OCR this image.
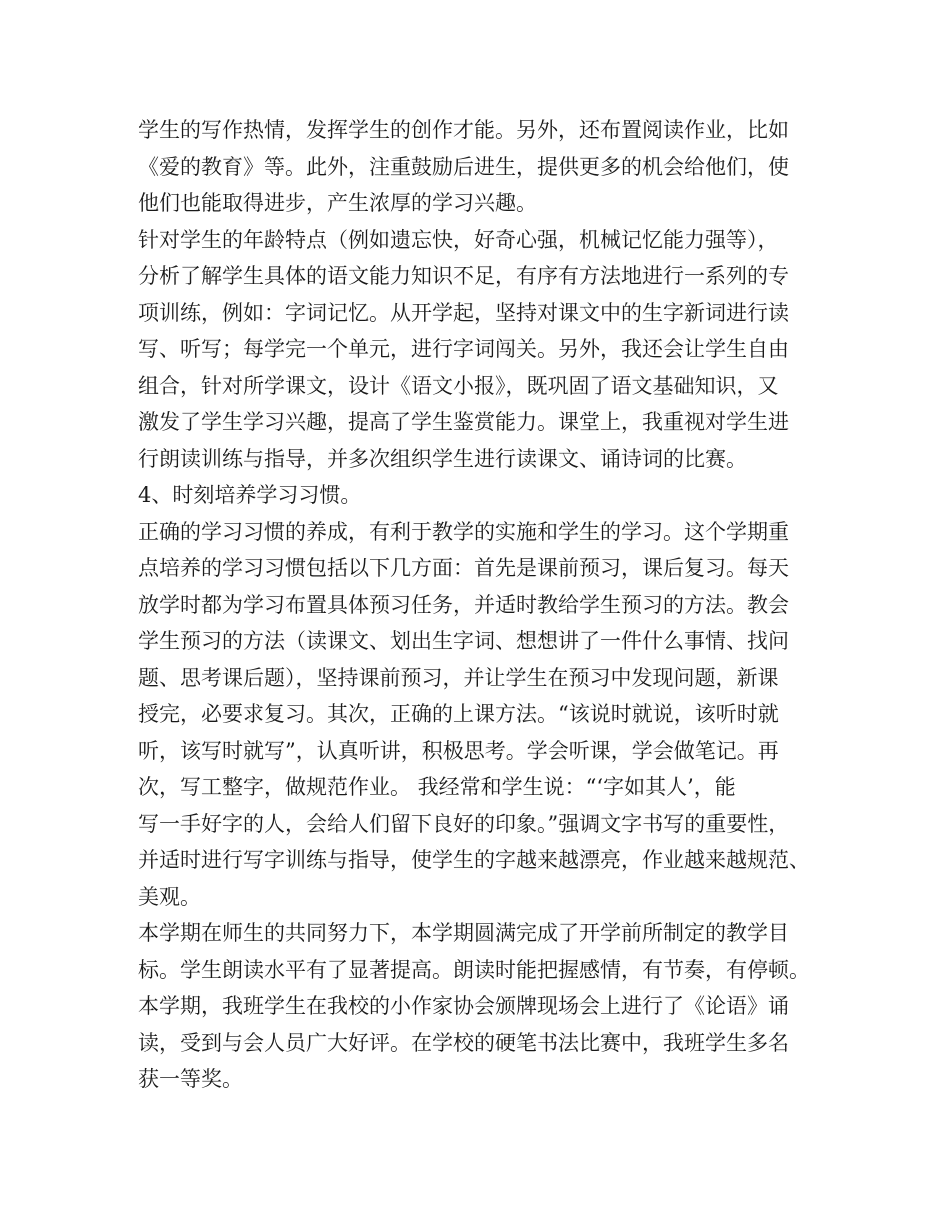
学生的写作热情，发挥学生的创作才能。另外，还布置阅读作业，比如

《爱的教育》等。此外，注重鼓励后进生，提供更多的机会给他们，使

他们也能取得进步，产生浓厚的学习兴趣。

针对学生的年龄特点（例如遗忘快，好奇心强，机械记忆能力强等），

分析了解学生具体的语文能力知识不足，有序有方法地进行一系列的专

项训练，例如：字词记忆。从开学起，坚持对课文中的生字新词进行读

写、听写；每学完一个单元，进行字词闯关。另外，我还会让学生自由

组合，针对所学课文，设计《语文小报》，既巩固了语文基础知识，又

激发了学生学习兴趣，提高了学生鉴赏能力。课堂上，我重视对学生进

行朗读训练与指导，并多次组织学生进行读课文、诵诗词的比赛。

4、时刻培养学习习惯。

正确的学习习惯的养成，有利于教学的实施和学生的学习。这个学期重

点培养的学习习惯包括以下几方面：首先是课前预习，课后复习。每天

放学时都为学习布置具体预习任务，并适时教给学生预习的方法。教会

学生预习的方法（读课文、划出生字词、想想讲了一件什么事情、找问

题、思考课后题），坚持课前预习，并让学生在预习中发现问题，新课

授完，必要求复习。其次，正确的上课方法。“该说时就说，该听时就

听，该写时就写”，认真听讲，积极思考。学会听课，学会做笔记。再

次，写工整字，做规范作业。 我经常和学生说：“‘字如其人’，能

写一手好字的人，会给人们留下良好的印象。”强调文字书写的重要性，

并适时进行写字训练与指导，使学生的字越来越漂亮，作业越来越规范、

美观。

本学期在师生的共同努力下，本学期圆满完成了开学前所制定的教学目

标。学生朗读水平有了显著提高。朗读时能把握感情，有节奏，有停顿。

本学期，我班学生在我校的小作家协会颁牌现场会上进行了《论语》诵

读，受到与会人员广大好评。在学校的硬笔书法比赛中，我班学生多名

获一等奖。
